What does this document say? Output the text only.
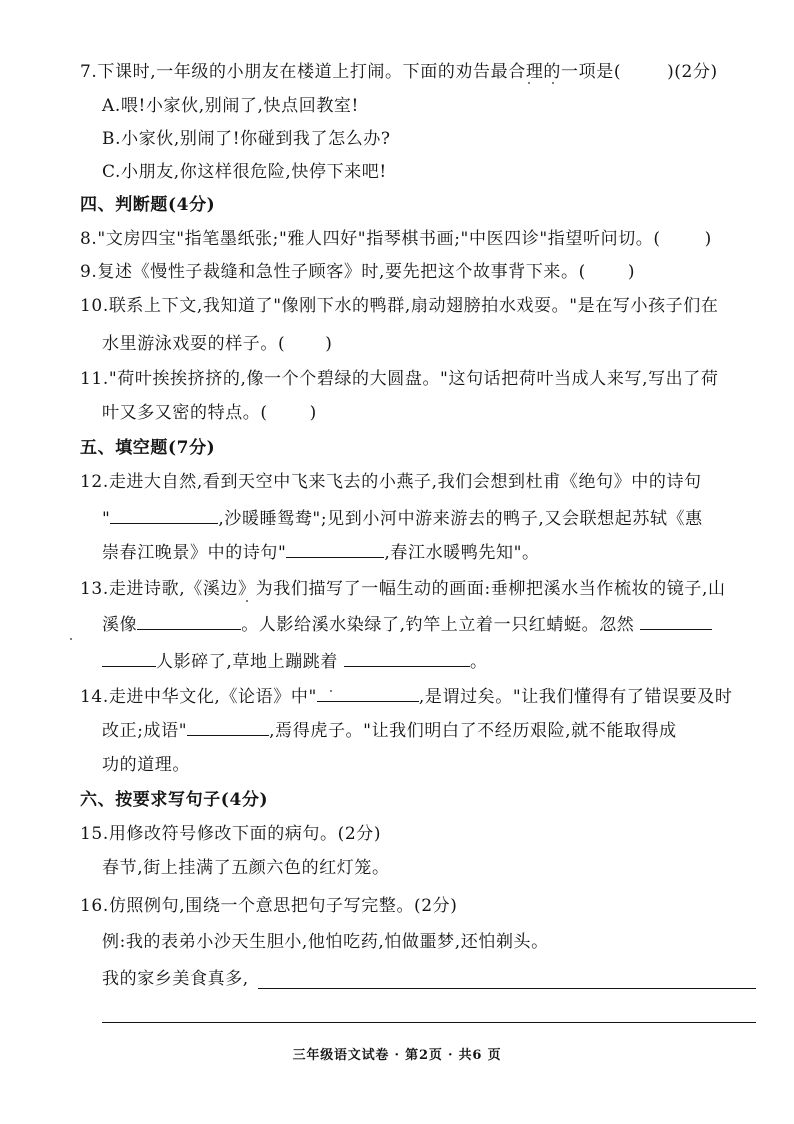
7.下课时,一年级的小朋友在楼道上打闹。下面的劝告最合理的一项是(	)(2分)
A.喂!小家伙,别闹了,快点回教室!
B.小家伙,别闹了!你碰到我了怎么办?
C.小朋友,你这样很危险,快停下来吧!
四、判断题(4分)
8."文房四宝"指笔墨纸张;"雅人四好"指琴棋书画;"中医四诊"指望听问切。(	)
9.复述《慢性子裁缝和急性子顾客》时,要先把这个故事背下来。( )
10.联系上下文,我知道了"像刚下水的鸭群,扇动翅膀拍水戏耍。"是在写小孩子们在
水里游泳戏耍的样子。( )
11."荷叶挨挨挤挤的,像一个个碧绿的大圆盘。"这句话把荷叶当成人来写,写出了荷
叶又多又密的特点。( )
五、填空题(7分)
12.走进大自然,看到天空中飞来飞去的小燕子,我们会想到杜甫《绝句》中的诗句
"	,沙暖睡鸳鸯";见到小河中游来游去的鸭子,又会联想起苏轼《惠
崇春江晚景》中的诗句"	,春江水暖鸭先知"。
13.走进诗歌,《溪边》为我们描写了一幅生动的画面:垂柳把溪水当作梳妆的镜子,山
溪像	。人影给溪水染绿了,钓竿上立着一只红蜻蜓。忽然
人影碎了,草地上蹦跳着	。
14.走进中华文化,《论语》中"	,是谓过矣。"让我们懂得有了错误要及时
改正;成语"	,焉得虎子。"让我们明白了不经历艰险,就不能取得成
功的道理。
六、按要求写句子(4分)
15.用修改符号修改下面的病句。(2分)
春节,街上挂满了五颜六色的红灯笼。
16.仿照例句,围绕一个意思把句子写完整。(2分)
例:我的表弟小沙天生胆小,他怕吃药,怕做噩梦,还怕剃头。
我的家乡美食真多,
三年级语文试卷 · 第2页 · 共6 页
